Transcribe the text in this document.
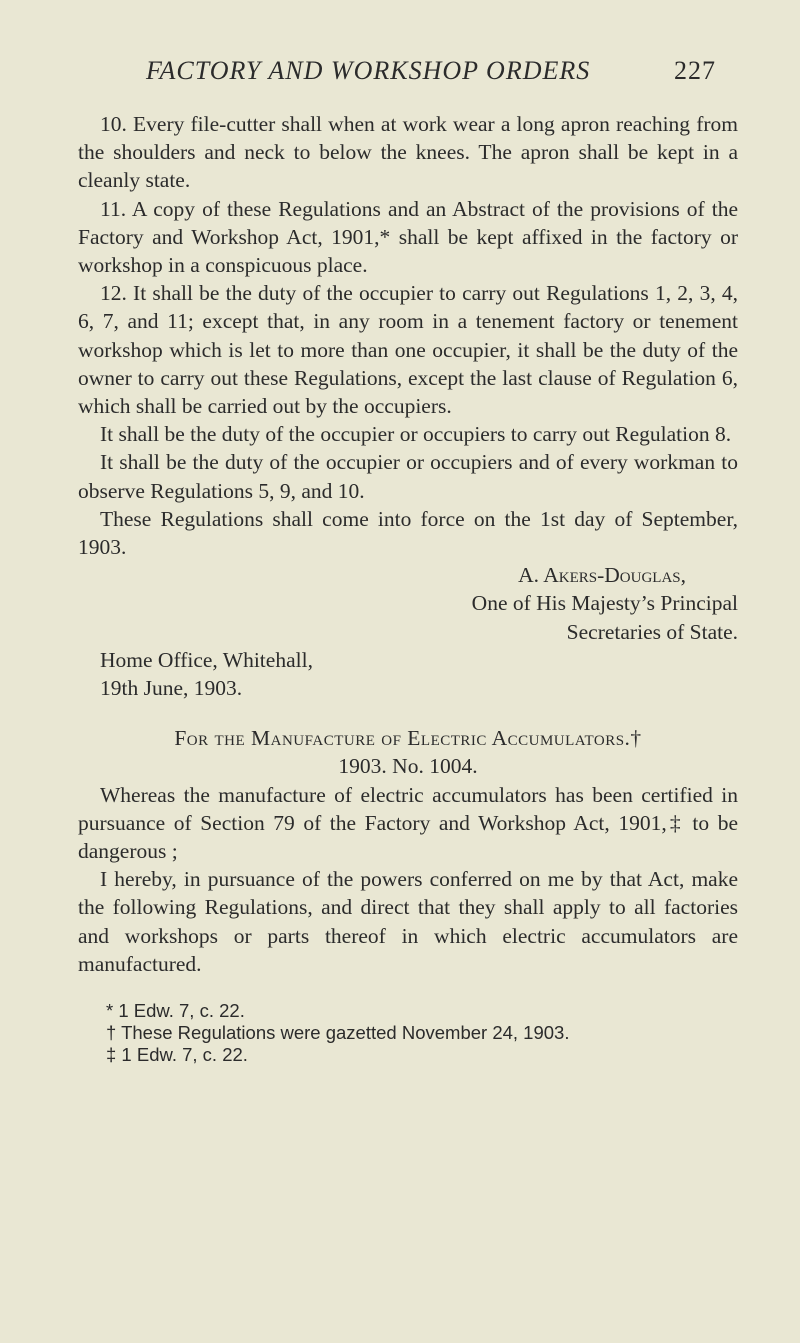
FACTORY AND WORKSHOP ORDERS	227

10. Every file-cutter shall when at work wear a long apron reaching from the shoulders and neck to below the knees. The apron shall be kept in a cleanly state.

11. A copy of these Regulations and an Abstract of the provisions of the Factory and Workshop Act, 1901,* shall be kept affixed in the factory or workshop in a conspicuous place.

12. It shall be the duty of the occupier to carry out Regulations 1, 2, 3, 4, 6, 7, and 11; except that, in any room in a tenement factory or tenement workshop which is let to more than one occupier, it shall be the duty of the owner to carry out these Regulations, except the last clause of Regulation 6, which shall be carried out by the occupiers.

It shall be the duty of the occupier or occupiers to carry out Regulation 8.

It shall be the duty of the occupier or occupiers and of every workman to observe Regulations 5, 9, and 10.

These Regulations shall come into force on the 1st day of September, 1903.

A. Akers-Douglas,
One of His Majesty’s Principal
Secretaries of State.
Home Office, Whitehall,
19th June, 1903.
For the Manufacture of Electric Accumulators.†
1903. No. 1004.

Whereas the manufacture of electric accumulators has been certified in pursuance of Section 79 of the Factory and Workshop Act, 1901,‡ to be dangerous ;

I hereby, in pursuance of the powers conferred on me by that Act, make the following Regulations, and direct that they shall apply to all factories and workshops or parts thereof in which electric accumulators are manufactured.

* 1 Edw. 7, c. 22.
† These Regulations were gazetted November 24, 1903.
‡ 1 Edw. 7, c. 22.
